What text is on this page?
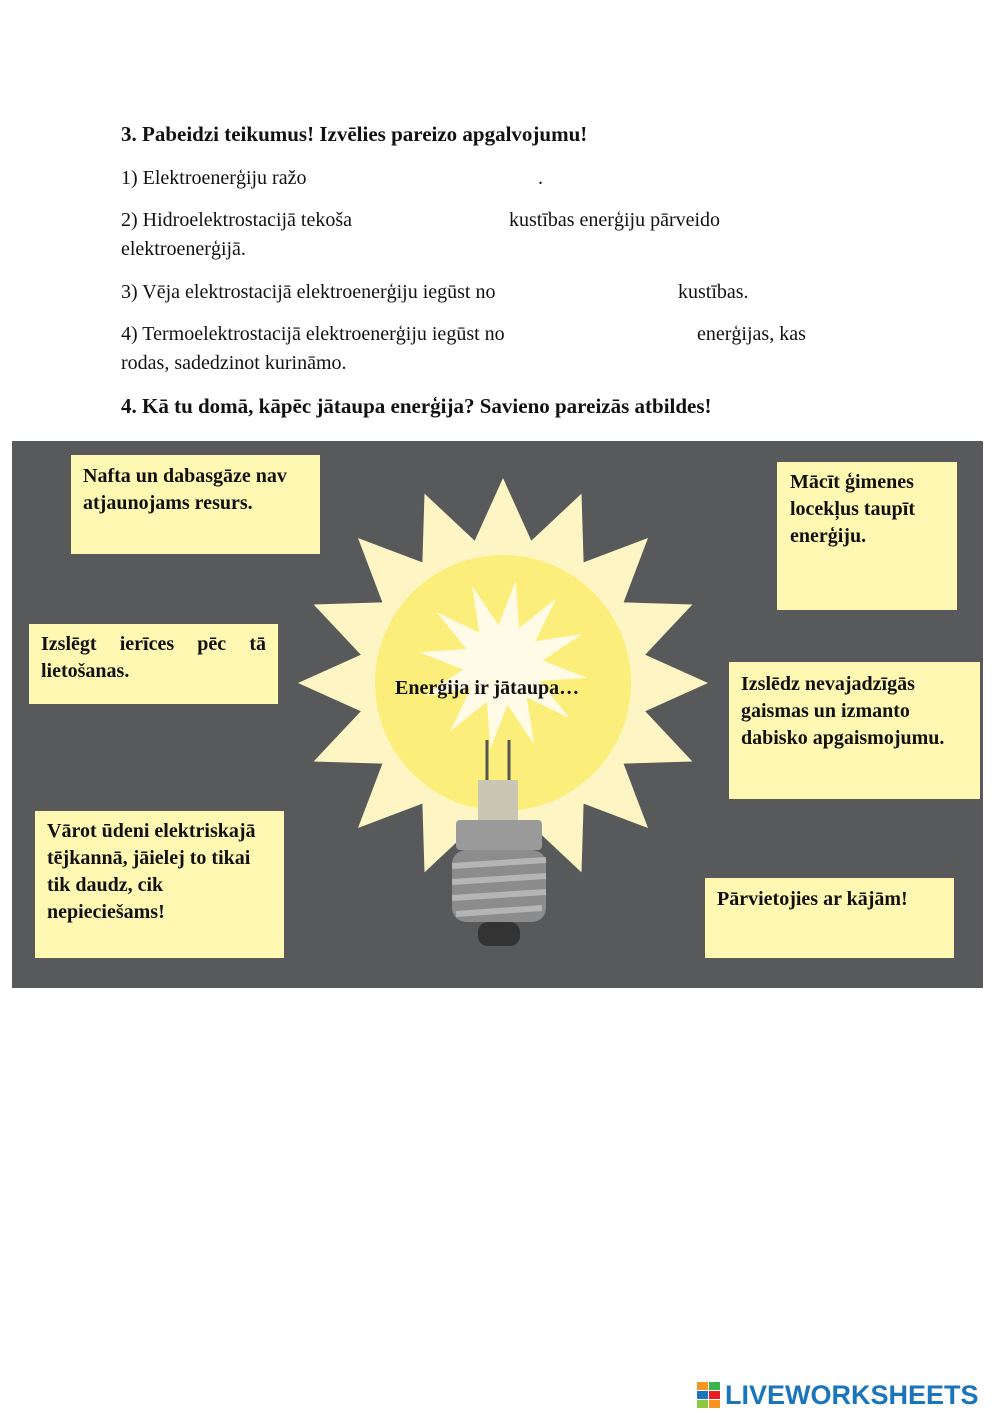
3. Pabeidzi teikumus! Izvēlies pareizo apgalvojumu!
1) Elektroenerģiju ražo	.
2) Hidroelektrostacijā tekoša	kustības enerģiju pārveido
elektroenerģijā.
3) Vēja elektrostacijā elektroenerģiju iegūst no	kustības.
4) Termoelektrostacijā elektroenerģiju iegūst no	enerģijas, kas
rodas, sadedzinot kurināmo.
4. Kā tu domā, kāpēc jātaupa enerģija? Savieno pareizās atbildes!
Enerģija ir jātaupa…
Nafta un dabasgāze nav atjaunojams resurs.
Izslēgt ierīces pēc tā lietošanas.
Vārot ūdeni elektriskajā tējkannā, jāielej to tikai tik daudz, cik nepieciešams!
Mācīt ģimenes locekļus taupīt enerģiju.
Izslēdz nevajadzīgās gaismas un izmanto dabisko apgaismojumu.
Pārvietojies ar kājām!
LIVEWORKSHEETS
